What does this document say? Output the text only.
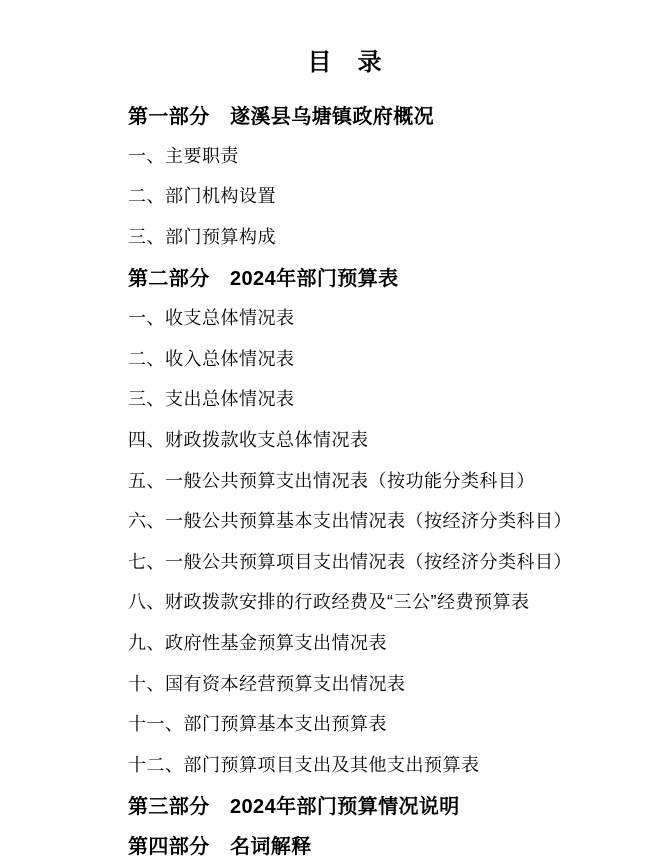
目　录

第一部分　遂溪县乌塘镇政府概况

一、主要职责

二、部门机构设置

三、部门预算构成

第二部分　2024年部门预算表

一、收支总体情况表

二、收入总体情况表

三、支出总体情况表

四、财政拨款收支总体情况表

五、一般公共预算支出情况表（按功能分类科目）

六、一般公共预算基本支出情况表（按经济分类科目）

七、一般公共预算项目支出情况表（按经济分类科目）

八、财政拨款安排的行政经费及“三公”经费预算表

九、政府性基金预算支出情况表

十、国有资本经营预算支出情况表

十一、部门预算基本支出预算表

十二、部门预算项目支出及其他支出预算表

第三部分　2024年部门预算情况说明

第四部分　名词解释
